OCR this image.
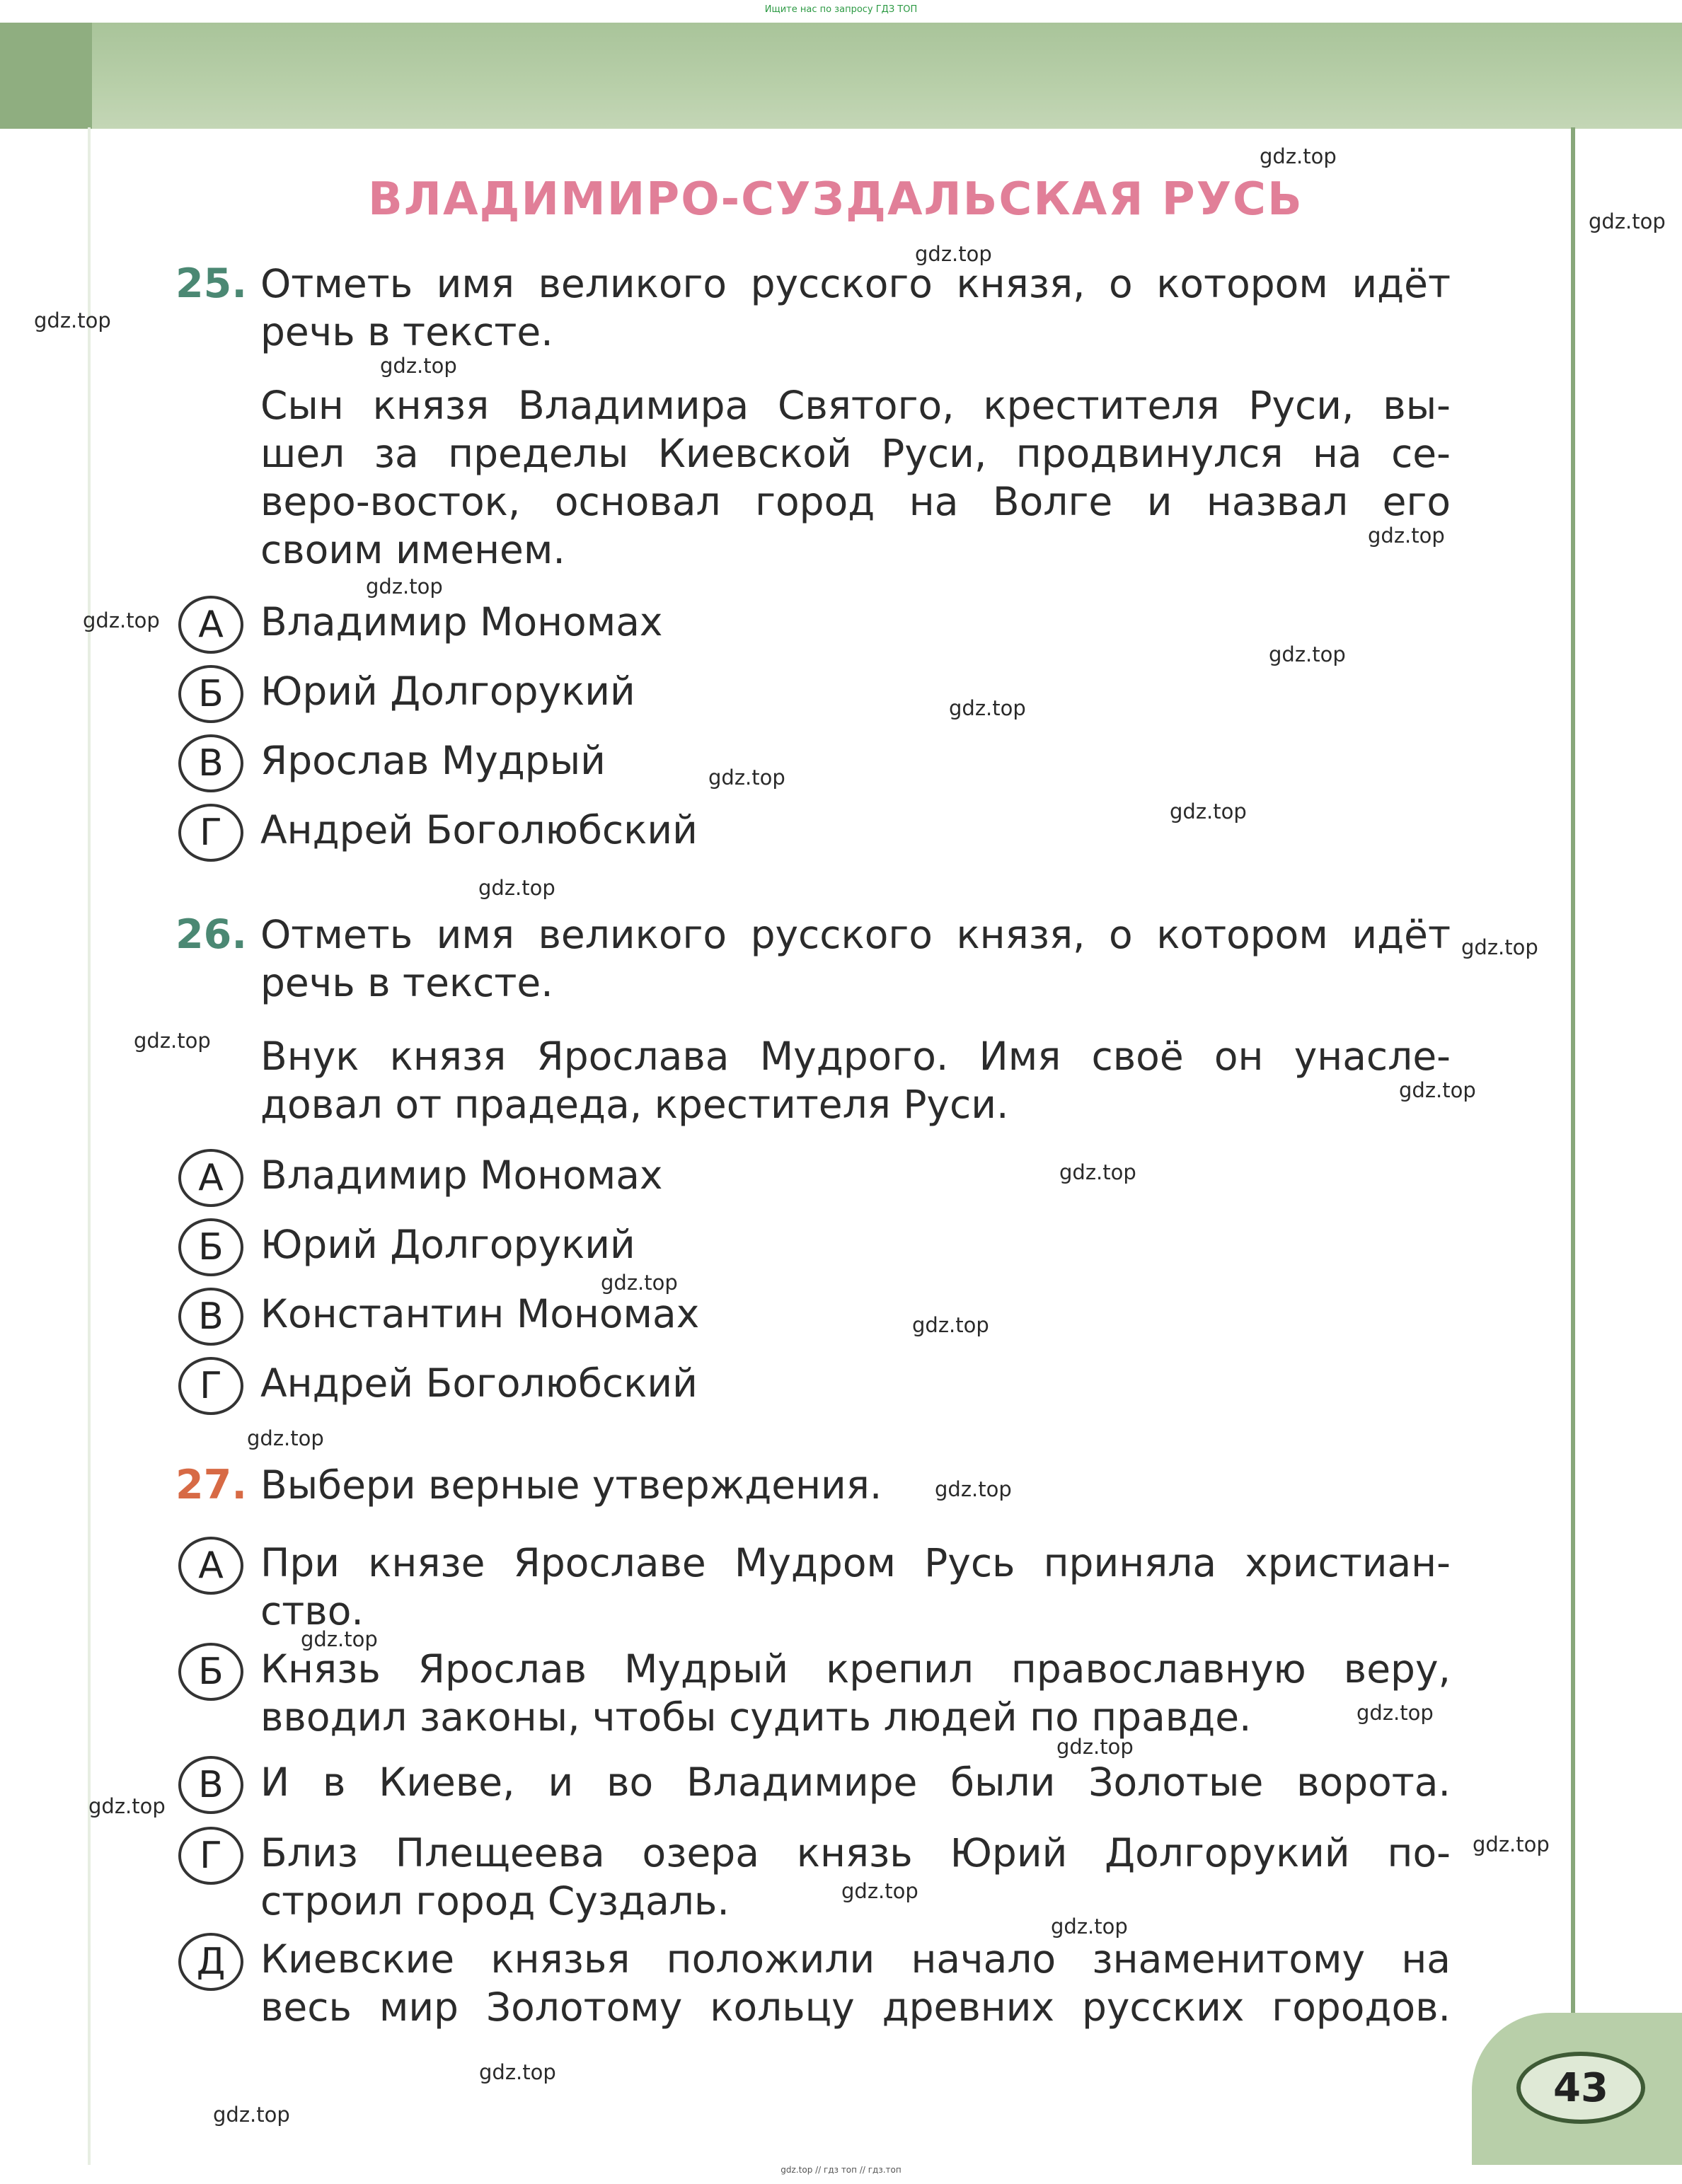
Ищите нас по запросу ГДЗ ТОП
43
gdz.top // гдз топ // гдз.топ
ВЛАДИМИРО-СУЗДАЛЬСКАЯ РУСЬ
25. Отметь имя великого русского князя, о котором идёт
речь в тексте.
Сын князя Владимира Святого, крестителя Руси, вы-
шел за пределы Киевской Руси, продвинулся на се-
веро-восток, основал город на Волге и назвал его
своим именем.
А Владимир Мономах
Б Юрий Долгорукий
В Ярослав Мудрый
Г Андрей Боголюбский
26. Отметь имя великого русского князя, о котором идёт
речь в тексте.
Внук князя Ярослава Мудрого. Имя своё он унасле-
довал от прадеда, крестителя Руси.
А Владимир Мономах
Б Юрий Долгорукий
В Константин Мономах
Г Андрей Боголюбский
27. Выбери верные утверждения.
А При князе Ярославе Мудром Русь приняла христиан-
ство.
Б Князь Ярослав Мудрый крепил православную веру,
вводил законы, чтобы судить людей по правде.
В И в Киеве, и во Владимире были Золотые ворота.
Г Близ Плещеева озера князь Юрий Долгорукий по-
строил город Суздаль.
Д Киевские князья положили начало знаменитому на
весь мир Золотому кольцу древних русских городов.
gdz.top
gdz.top
gdz.top
gdz.top
gdz.top
gdz.top
gdz.top
gdz.top
gdz.top
gdz.top
gdz.top
gdz.top
gdz.top
gdz.top
gdz.top
gdz.top
gdz.top
gdz.top
gdz.top
gdz.top
gdz.top
gdz.top
gdz.top
gdz.top
gdz.top
gdz.top
gdz.top
gdz.top
gdz.top
gdz.top
